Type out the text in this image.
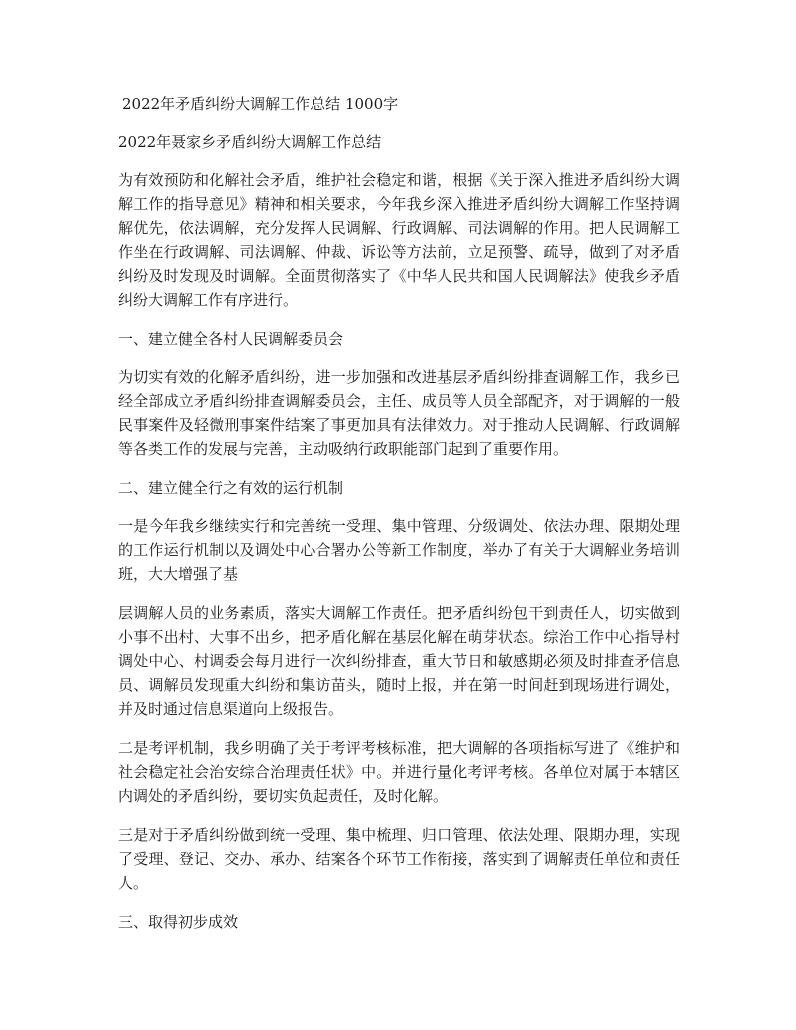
2022年矛盾纠纷大调解工作总结 1000字

2022年聂家乡矛盾纠纷大调解工作总结

为有效预防和化解社会矛盾，维护社会稳定和谐，根据《关于深入推进矛盾纠纷大调解工作的指导意见》精神和相关要求，今年我乡深入推进矛盾纠纷大调解工作坚持调解优先，依法调解，充分发挥人民调解、行政调解、司法调解的作用。把人民调解工作坐在行政调解、司法调解、仲裁、诉讼等方法前，立足预警、疏导，做到了对矛盾纠纷及时发现及时调解。全面贯彻落实了《中华人民共和国人民调解法》使我乡矛盾纠纷大调解工作有序进行。

一、建立健全各村人民调解委员会

为切实有效的化解矛盾纠纷，进一步加强和改进基层矛盾纠纷排查调解工作，我乡已经全部成立矛盾纠纷排查调解委员会，主任、成员等人员全部配齐，对于调解的一般民事案件及轻微刑事案件结案了事更加具有法律效力。对于推动人民调解、行政调解等各类工作的发展与完善，主动吸纳行政职能部门起到了重要作用。

二、建立健全行之有效的运行机制

一是今年我乡继续实行和完善统一受理、集中管理、分级调处、依法办理、限期处理的工作运行机制以及调处中心合署办公等新工作制度，举办了有关于大调解业务培训班，大大增强了基

层调解人员的业务素质，落实大调解工作责任。把矛盾纠纷包干到责任人，切实做到小事不出村、大事不出乡，把矛盾化解在基层化解在萌芽状态。综治工作中心指导村调处中心、村调委会每月进行一次纠纷排查，重大节日和敏感期必须及时排查矛信息员、调解员发现重大纠纷和集访苗头，随时上报，并在第一时间赶到现场进行调处，并及时通过信息渠道向上级报告。

二是考评机制，我乡明确了关于考评考核标准，把大调解的各项指标写进了《维护和社会稳定社会治安综合治理责任状》中。并进行量化考评考核。各单位对属于本辖区内调处的矛盾纠纷，要切实负起责任，及时化解。

三是对于矛盾纠纷做到统一受理、集中梳理、归口管理、依法处理、限期办理，实现了受理、登记、交办、承办、结案各个环节工作衔接，落实到了调解责任单位和责任人。

三、取得初步成效
